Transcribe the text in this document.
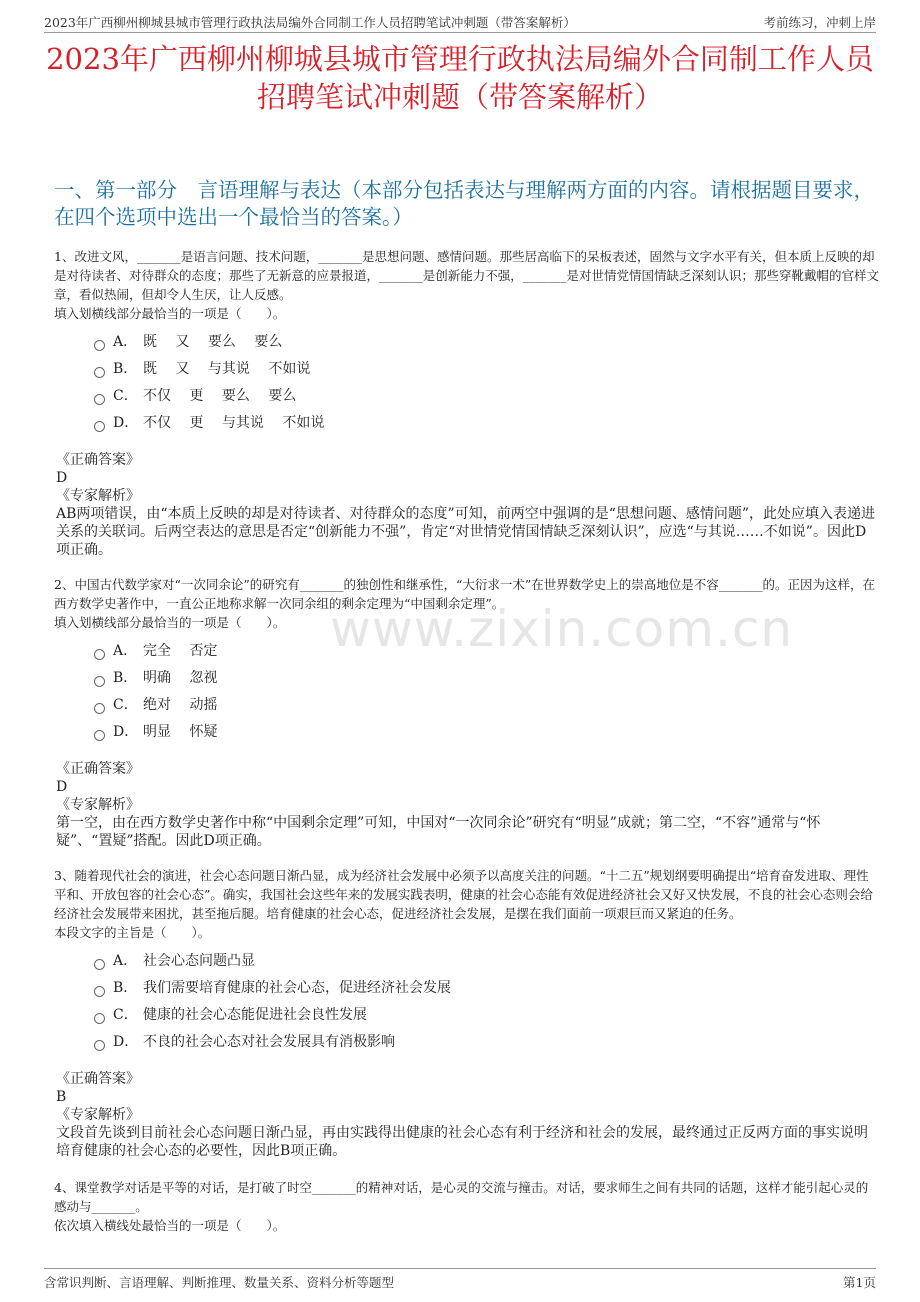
2023年广西柳州柳城县城市管理行政执法局编外合同制工作人员招聘笔试冲刺题（带答案解析）	考前练习，冲刺上岸
2023年广西柳州柳城县城市管理行政执法局编外合同制工作人员招聘笔试冲刺题（带答案解析）
一、第一部分　言语理解与表达（本部分包括表达与理解两方面的内容。请根据题目要求，在四个选项中选出一个最恰当的答案。）
www.zixin.com.cn

1、改进文风，_______是语言问题、技术问题，_______是思想问题、感情问题。那些居高临下的呆板表述，固然与文字水平有关，但本质上反映的却是对待读者、对待群众的态度；那些了无新意的应景报道，_______是创新能力不强，_______是对世情党情国情缺乏深刻认识；那些穿靴戴帽的官样文章，看似热闹，但却令人生厌，让人反感。

填入划横线部分最恰当的一项是（　　）。

A． 既　 又　 要么　 要么
B． 既　 又　 与其说　 不如说
C． 不仅　 更　 要么　 要么
D． 不仅　 更　 与其说　 不如说

《正确答案》

D

《专家解析》

AB两项错误，由“本质上反映的却是对待读者、对待群众的态度”可知，前两空中强调的是“思想问题、感情问题”，此处应填入表递进关系的关联词。后两空表达的意思是否定“创新能力不强”，肯定“对世情党情国情缺乏深刻认识”，应选“与其说……不如说”。因此D项正确。

2、中国古代数学家对“一次同余论”的研究有_______的独创性和继承性，“大衍求一术”在世界数学史上的崇高地位是不容_______的。正因为这样，在西方数学史著作中，一直公正地称求解一次同余组的剩余定理为“中国剩余定理”。

填入划横线部分最恰当的一项是（　　）。

A． 完全　 否定
B． 明确　 忽视
C． 绝对　 动摇
D． 明显　 怀疑

《正确答案》

D

《专家解析》

第一空，由在西方数学史著作中称“中国剩余定理”可知，中国对“一次同余论”研究有“明显”成就；第二空，“不容”通常与“怀疑”、“置疑”搭配。因此D项正确。

3、随着现代社会的演进，社会心态问题日渐凸显，成为经济社会发展中必须予以高度关注的问题。“十二五”规划纲要明确提出“培育奋发进取、理性平和、开放包容的社会心态”。确实，我国社会这些年来的发展实践表明，健康的社会心态能有效促进经济社会又好又快发展，不良的社会心态则会给经济社会发展带来困扰，甚至拖后腿。培育健康的社会心态，促进经济社会发展，是摆在我们面前一项艰巨而又紧迫的任务。

本段文字的主旨是（　　）。

A． 社会心态问题凸显
B． 我们需要培育健康的社会心态，促进经济社会发展
C． 健康的社会心态能促进社会良性发展
D． 不良的社会心态对社会发展具有消极影响

《正确答案》

B

《专家解析》

文段首先谈到目前社会心态问题日渐凸显，再由实践得出健康的社会心态有利于经济和社会的发展，最终通过正反两方面的事实说明培育健康的社会心态的必要性，因此B项正确。

4、课堂教学对话是平等的对话，是打破了时空_______的精神对话，是心灵的交流与撞击。对话，要求师生之间有共同的话题，这样才能引起心灵的感动与_______。

依次填入横线处最恰当的一项是（　　）。

含常识判断、言语理解、判断推理、数量关系、资料分析等题型	第1页
